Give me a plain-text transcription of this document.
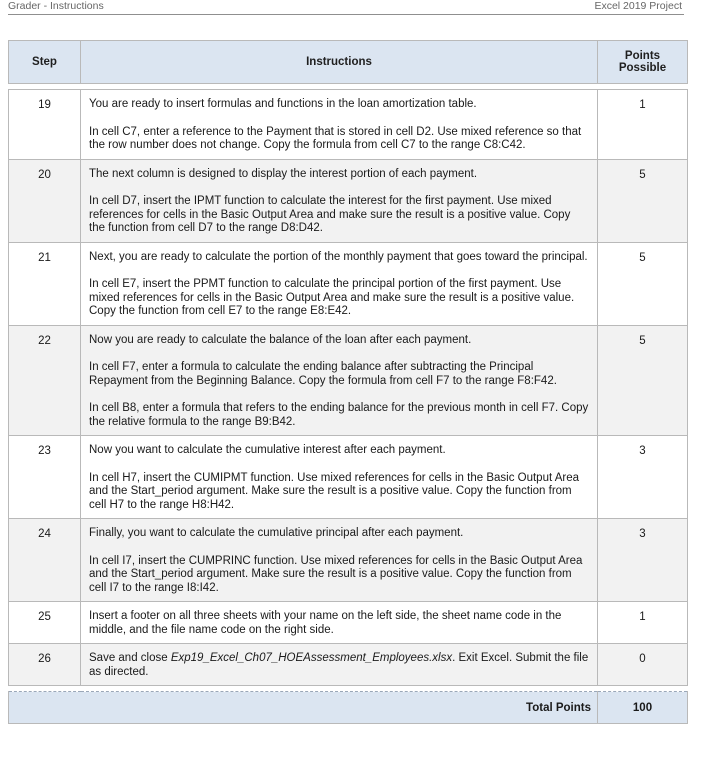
Grader - Instructions	Excel 2019 Project
Step	Instructions	Points
Possible

19	You are ready to insert formulas and functions in the loan amortization table.

In cell C7, enter a reference to the Payment that is stored in cell D2. Use mixed reference so that the row number does not change. Copy the formula from cell C7 to the range C8:C42.	1
20	The next column is designed to display the interest portion of each payment.

In cell D7, insert the IPMT function to calculate the interest for the first payment. Use mixed references for cells in the Basic Output Area and make sure the result is a positive value. Copy the function from cell D7 to the range D8:D42.	5
21	Next, you are ready to calculate the portion of the monthly payment that goes toward the principal.

In cell E7, insert the PPMT function to calculate the principal portion of the first payment. Use mixed references for cells in the Basic Output Area and make sure the result is a positive value. Copy the function from cell E7 to the range E8:E42.	5
22	Now you are ready to calculate the balance of the loan after each payment.

In cell F7, enter a formula to calculate the ending balance after subtracting the Principal Repayment from the Beginning Balance. Copy the formula from cell F7 to the range F8:F42.

In cell B8, enter a formula that refers to the ending balance for the previous month in cell F7. Copy the relative formula to the range B9:B42.	5
23	Now you want to calculate the cumulative interest after each payment.

In cell H7, insert the CUMIPMT function. Use mixed references for cells in the Basic Output Area and the Start_period argument. Make sure the result is a positive value. Copy the function from cell H7 to the range H8:H42.	3
24	Finally, you want to calculate the cumulative principal after each payment.

In cell I7, insert the CUMPRINC function. Use mixed references for cells in the Basic Output Area and the Start_period argument. Make sure the result is a positive value. Copy the function from cell I7 to the range I8:I42.	3
25	Insert a footer on all three sheets with your name on the left side, the sheet name code in the middle, and the file name code on the right side.	1
26	Save and close Exp19_Excel_Ch07_HOEAssessment_Employees.xlsx. Exit Excel. Submit the file as directed.	0

Total Points		100
